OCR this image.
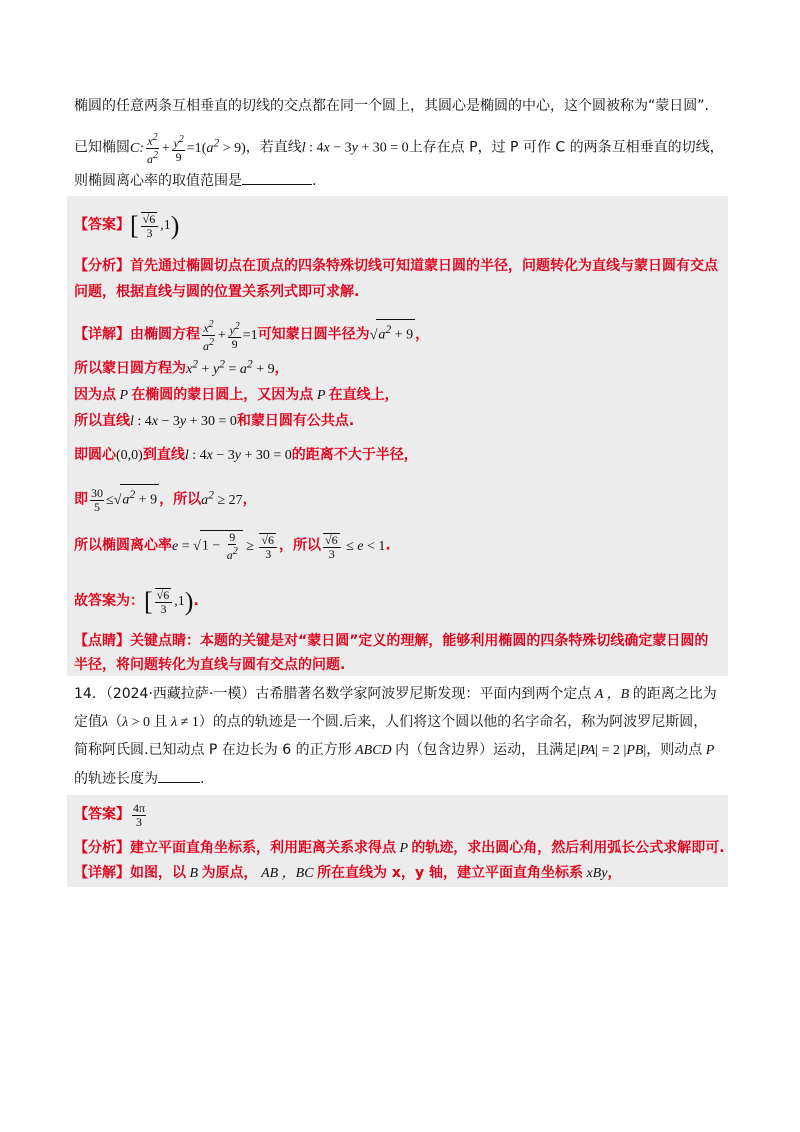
椭圆的任意两条互相垂直的切线的交点都在同一个圆上，其圆心是椭圆的中心，这个圆被称为“蒙日圆”.
已知椭圆C: $\frac{x^2}{a^2} + \frac{y^2}{9} =1(a^2 > 9)$，若直线l : 4x − 3y + 30 = 0上存在点 P，过 P 可作 C 的两条互相垂直的切线，
则椭圆离心率的取值范围是	.
【答案】[ $\frac{√6}{3} ,1$)
【分析】首先通过椭圆切点在顶点的四条特殊切线可知道蒙日圆的半径，问题转化为直线与蒙日圆有交点
问题，根据直线与圆的位置关系列式即可求解.
【详解】由椭圆方程 $\frac{x^2}{a^2} + \frac{y^2}{9} =1$可知蒙日圆半径为$√a^2 + 9$ ，
所以蒙日圆方程为$x^2 + y^2 = a^2 + 9$，
因为点 P 在椭圆的蒙日圆上，又因为点 P 在直线上，
所以直线l : 4x − 3y + 30 = 0和蒙日圆有公共点.
即圆心(0,0)到直线l : 4x − 3y + 30 = 0的距离不大于半径，
即 $\frac{30}{5} \le√a^2 + 9$ ，所以$a^2 \ge 27$，
所以椭圆离心率$e = √1 - \frac{9}{a^2} \ge \frac{√6}{3}$ ，所以 $\frac{√6}{3} \le e < 1$.
故答案为：[ $\frac{√6}{3} ,1$).
【点睛】关键点睛：本题的关键是对“蒙日圆”定义的理解，能够利用椭圆的四条特殊切线确定蒙日圆的
半径，将问题转化为直线与圆有交点的问题.
14．（2024·西藏拉萨·一模）古希腊著名数学家阿波罗尼斯发现：平面内到两个定点 A ，B 的距离之比为
定值λ（λ > 0 且 λ ≠ 1）的点的轨迹是一个圆.后来，人们将这个圆以他的名字命名，称为阿波罗尼斯圆，
简称阿氏圆.已知动点 P 在边长为 6 的正方形 ABCD 内（包含边界）运动，且满足|PA| = 2 |PB|，则动点 P
的轨迹长度为	.
【答案】 $\frac{4\pi}{3}$
【分析】建立平面直角坐标系，利用距离关系求得点 P 的轨迹，求出圆心角，然后利用弧长公式求解即可.
【详解】如图，以 B 为原点， AB ，BC 所在直线为 x，y 轴，建立平面直角坐标系 xBy，
